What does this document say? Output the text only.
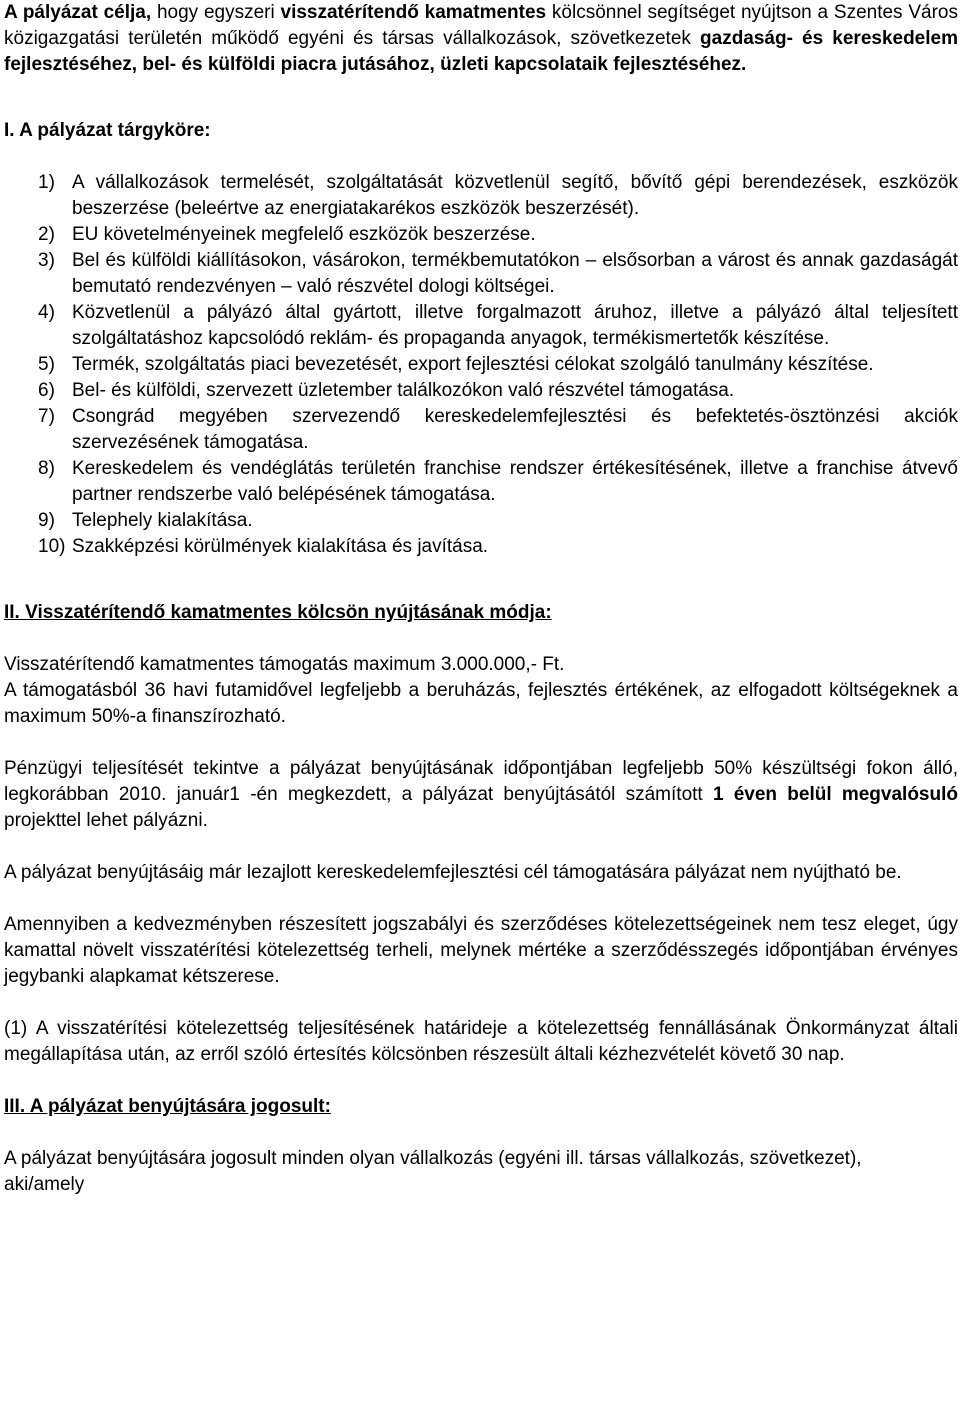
A pályázat célja, hogy egyszeri visszatérítendő kamatmentes kölcsönnel segítséget nyújtson a Szentes Város közigazgatási területén működő egyéni és társas vállalkozások, szövetkezetek gazdaság- és kereskedelem fejlesztéséhez, bel- és külföldi piacra jutásához, üzleti kapcsolataik fejlesztéséhez.

I. A pályázat tárgyköre:

1) A vállalkozások termelését, szolgáltatását közvetlenül segítő, bővítő gépi berendezések, eszközök beszerzése (beleértve az energiatakarékos eszközök beszerzését).
2) EU követelményeinek megfelelő eszközök beszerzése.
3) Bel és külföldi kiállításokon, vásárokon, termékbemutatókon – elsősorban a várost és annak gazdaságát bemutató rendezvényen – való részvétel dologi költségei.
4) Közvetlenül a pályázó által gyártott, illetve forgalmazott áruhoz, illetve a pályázó által teljesített szolgáltatáshoz kapcsolódó reklám- és propaganda anyagok, termékismertetők készítése.
5) Termék, szolgáltatás piaci bevezetését, export fejlesztési célokat szolgáló tanulmány készítése.
6) Bel- és külföldi, szervezett üzletember találkozókon való részvétel támogatása.
7) Csongrád megyében szervezendő kereskedelemfejlesztési és befektetés-ösztönzési akciók szervezésének támogatása.
8) Kereskedelem és vendéglátás területén franchise rendszer értékesítésének, illetve a franchise átvevő partner rendszerbe való belépésének támogatása.
9) Telephely kialakítása.
10) Szakképzési körülmények kialakítása és javítása.

II. Visszatérítendő kamatmentes kölcsön nyújtásának módja:

Visszatérítendő kamatmentes támogatás maximum 3.000.000,- Ft.

A támogatásból 36 havi futamidővel legfeljebb a beruházás, fejlesztés értékének, az elfogadott költségeknek a maximum 50%-a finanszírozható.

Pénzügyi teljesítését tekintve a pályázat benyújtásának időpontjában legfeljebb 50% készültségi fokon álló, legkorábban 2010. január1 -én megkezdett, a pályázat benyújtásától számított 1 éven belül megvalósuló projekttel lehet pályázni.

A pályázat benyújtásáig már lezajlott kereskedelemfejlesztési cél támogatására pályázat nem nyújtható be.

Amennyiben a kedvezményben részesített jogszabályi és szerződéses kötelezettségeinek nem tesz eleget, úgy kamattal növelt visszatérítési kötelezettség terheli, melynek mértéke a szerződésszegés időpontjában érvényes jegybanki alapkamat kétszerese.

(1) A visszatérítési kötelezettség teljesítésének határideje a kötelezettség fennállásának Önkormányzat általi megállapítása után, az erről szóló értesítés kölcsönben részesült általi kézhezvételét követő 30 nap.

III. A pályázat benyújtására jogosult:

A pályázat benyújtására jogosult minden olyan vállalkozás (egyéni ill. társas vállalkozás, szövetkezet),

aki/amely
